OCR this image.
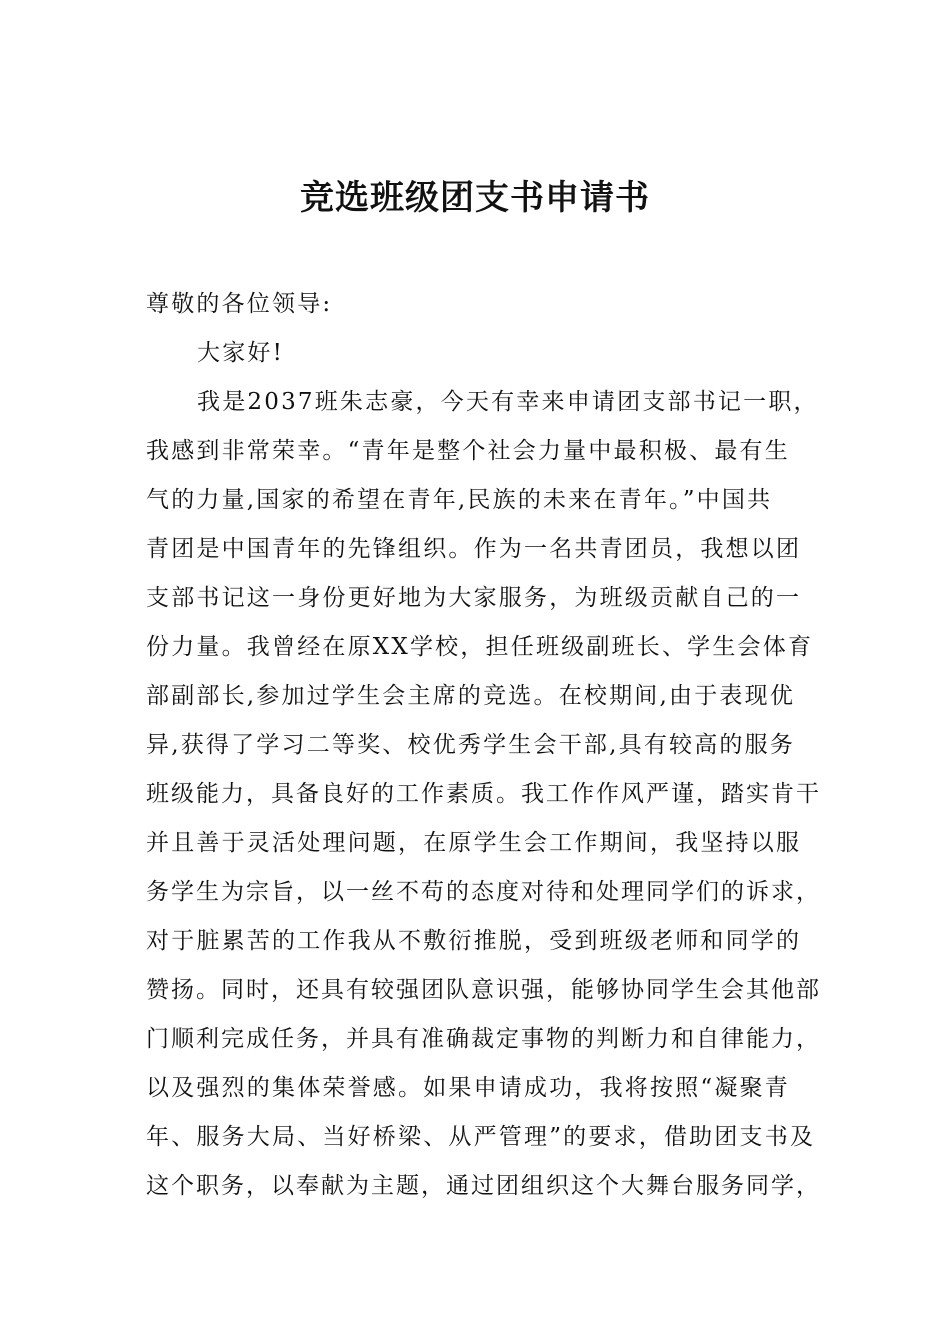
竞选班级团支书申请书
尊敬的各位领导:
大家好!
我是2037班朱志豪，今天有幸来申请团支部书记一职，
我感到非常荣幸。“青年是整个社会力量中最积极、最有生
气的力量,国家的希望在青年,民族的未来在青年。”中国共
青团是中国青年的先锋组织。作为一名共青团员，我想以团
支部书记这一身份更好地为大家服务，为班级贡献自己的一
份力量。我曾经在原XX学校，担任班级副班长、学生会体育
部副部长,参加过学生会主席的竞选。在校期间,由于表现优
异,获得了学习二等奖、校优秀学生会干部,具有较高的服务
班级能力，具备良好的工作素质。我工作作风严谨，踏实肯干
并且善于灵活处理问题，在原学生会工作期间，我坚持以服
务学生为宗旨，以一丝不苟的态度对待和处理同学们的诉求，
对于脏累苦的工作我从不敷衍推脱，受到班级老师和同学的
赞扬。同时，还具有较强团队意识强，能够协同学生会其他部
门顺利完成任务，并具有准确裁定事物的判断力和自律能力，
以及强烈的集体荣誉感。如果申请成功，我将按照“凝聚青
年、服务大局、当好桥梁、从严管理”的要求，借助团支书及
这个职务，以奉献为主题，通过团组织这个大舞台服务同学，
